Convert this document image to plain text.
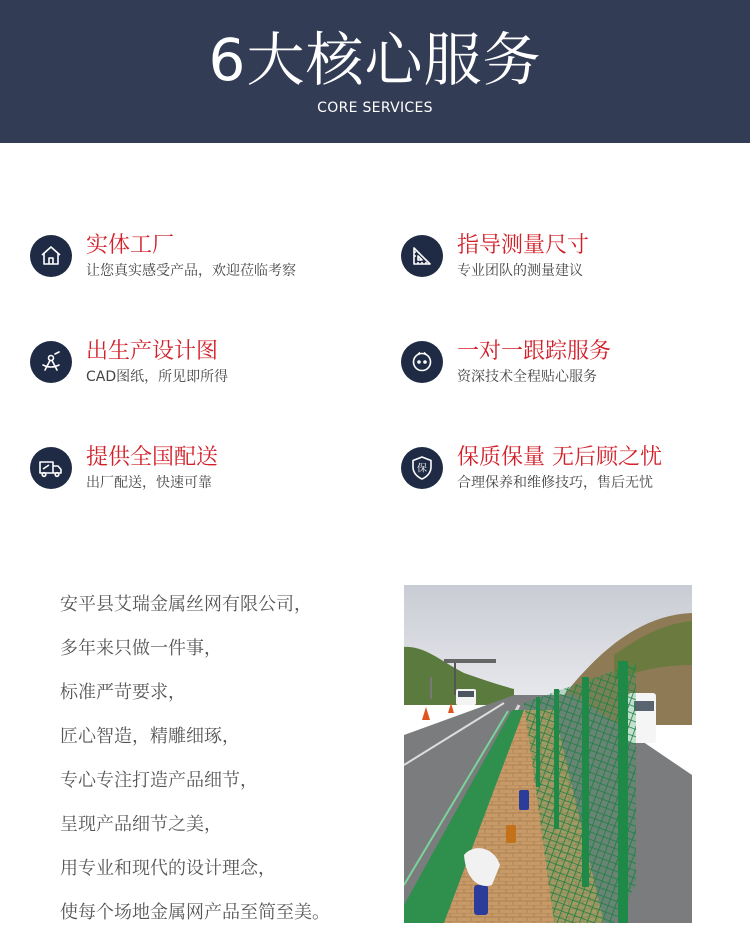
6大核心服务
CORE SERVICES
实体工厂
让您真实感受产品，欢迎莅临考察
指导测量尺寸
专业团队的测量建议
出生产设计图
CAD图纸，所见即所得
一对一跟踪服务
资深技术全程贴心服务
提供全国配送
出厂配送，快速可靠
保 保质保量 无后顾之忧
合理保养和维修技巧，售后无忧
安平县艾瑞金属丝网有限公司，
多年来只做一件事，
标准严苛要求，
匠心智造，精雕细琢，
专心专注打造产品细节，
呈现产品细节之美，
用专业和现代的设计理念，
使每个场地金属网产品至简至美。
